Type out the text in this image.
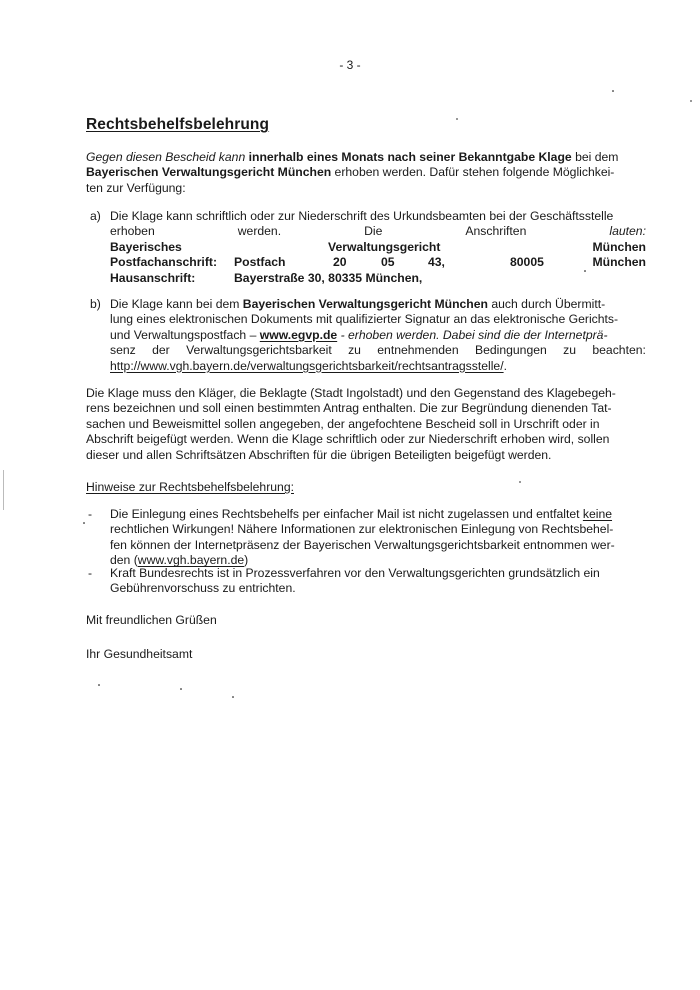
- 3 -
Rechtsbehelfsbelehrung
Gegen diesen Bescheid kann innerhalb eines Monats nach seiner Bekanntgabe Klage bei dem
Bayerischen Verwaltungsgericht München erhoben werden. Dafür stehen folgende Möglichkei-
ten zur Verfügung:
a) Die Klage kann schriftlich oder zur Niederschrift des Urkundsbeamten bei der Geschäftsstelle
erhoben	werden.	Die	Anschriften	lauten:
Bayerisches	Verwaltungsgericht	München
Postfachanschrift: Postfach	20	05	43,	80005	München
Hausanschrift:	Bayerstraße 30, 80335 München,
b) Die Klage kann bei dem Bayerischen Verwaltungsgericht München auch durch Übermitt-
lung eines elektronischen Dokuments mit qualifizierter Signatur an das elektronische Gerichts-
und Verwaltungspostfach – www.egvp.de - erhoben werden. Dabei sind die der Internetprä-
senz der Verwaltungsgerichtsbarkeit zu entnehmenden Bedingungen zu beachten:
http://www.vgh.bayern.de/verwaltungsgerichtsbarkeit/rechtsantragsstelle/.
Die Klage muss den Kläger, die Beklagte (Stadt Ingolstadt) und den Gegenstand des Klagebegeh-
rens bezeichnen und soll einen bestimmten Antrag enthalten. Die zur Begründung dienenden Tat-
sachen und Beweismittel sollen angegeben, der angefochtene Bescheid soll in Urschrift oder in
Abschrift beigefügt werden. Wenn die Klage schriftlich oder zur Niederschrift erhoben wird, sollen
dieser und allen Schriftsätzen Abschriften für die übrigen Beteiligten beigefügt werden.
Hinweise zur Rechtsbehelfsbelehrung:
- Die Einlegung eines Rechtsbehelfs per einfacher Mail ist nicht zugelassen und entfaltet keine
rechtlichen Wirkungen! Nähere Informationen zur elektronischen Einlegung von Rechtsbehel-
fen können der Internetpräsenz der Bayerischen Verwaltungsgerichtsbarkeit entnommen wer-
den (www.vgh.bayern.de)
- Kraft Bundesrechts ist in Prozessverfahren vor den Verwaltungsgerichten grundsätzlich ein
Gebührenvorschuss zu entrichten.
Mit freundlichen Grüßen
Ihr Gesundheitsamt
